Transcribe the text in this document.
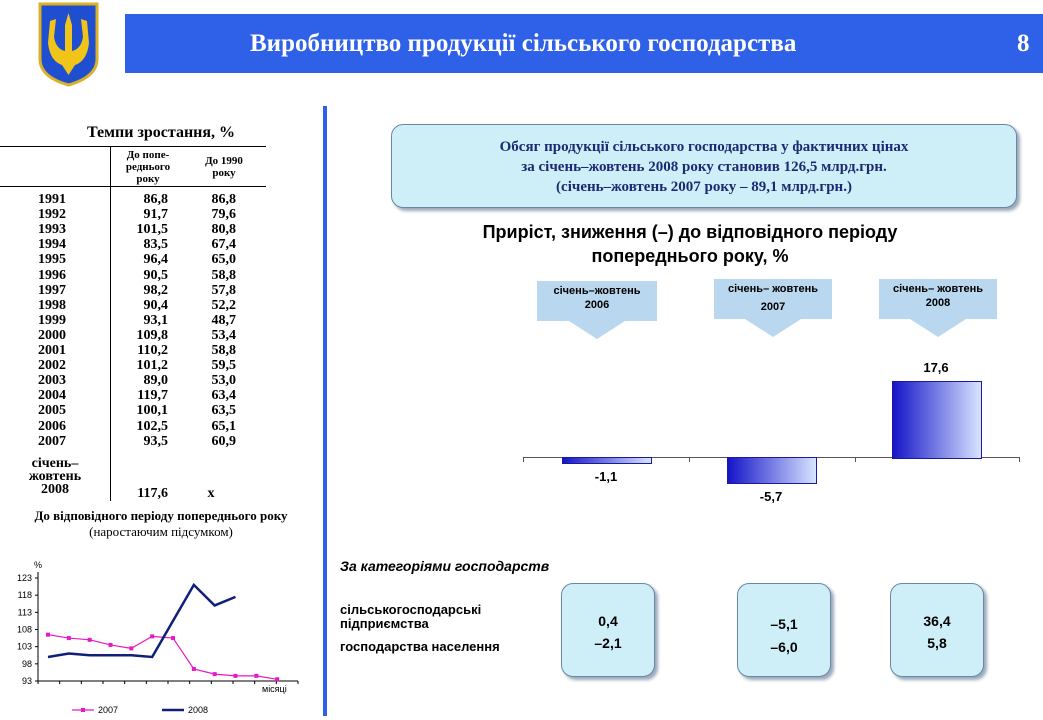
Виробництво продукції сільського господарства	8
Темпи зростання, %
До попе-
реднього
року
До 1990
року
1991	86,8	86,8
1992	91,7	79,6
1993	101,5	80,8
1994	83,5	67,4
1995	96,4	65,0
1996	90,5	58,8
1997	98,2	57,8
1998	90,4	52,2
1999	93,1	48,7
2000	109,8	53,4
2001	110,2	58,8
2002	101,2	59,5
2003	89,0	53,0
2004	119,7	63,4
2005	100,1	63,5
2006	102,5	65,1
2007	93,5	60,9
січень–
жовтень
2008	117,6	х
До відповідного періоду попереднього року
(наростаючим підсумком)
93
98
103
108
113
118
123
%
місяці
2007	2008
Обсяг продукції сільського господарства у фактичних цінах
за січень–жовтень 2008 року становив 126,5 млрд.грн.
(січень–жовтень 2007 року – 89,1 млрд.грн.)
Приріст, зниження (–) до відповідного періоду
попереднього року, %
січень–жовтень
2006
січень– жовтень
2007
січень– жовтень
2008
-1,1
-5,7
17,6
За категоріями господарств
сільськогосподарські
підприємства
господарства населення
0,4
–2,1
–5,1
–6,0
36,4
5,8
